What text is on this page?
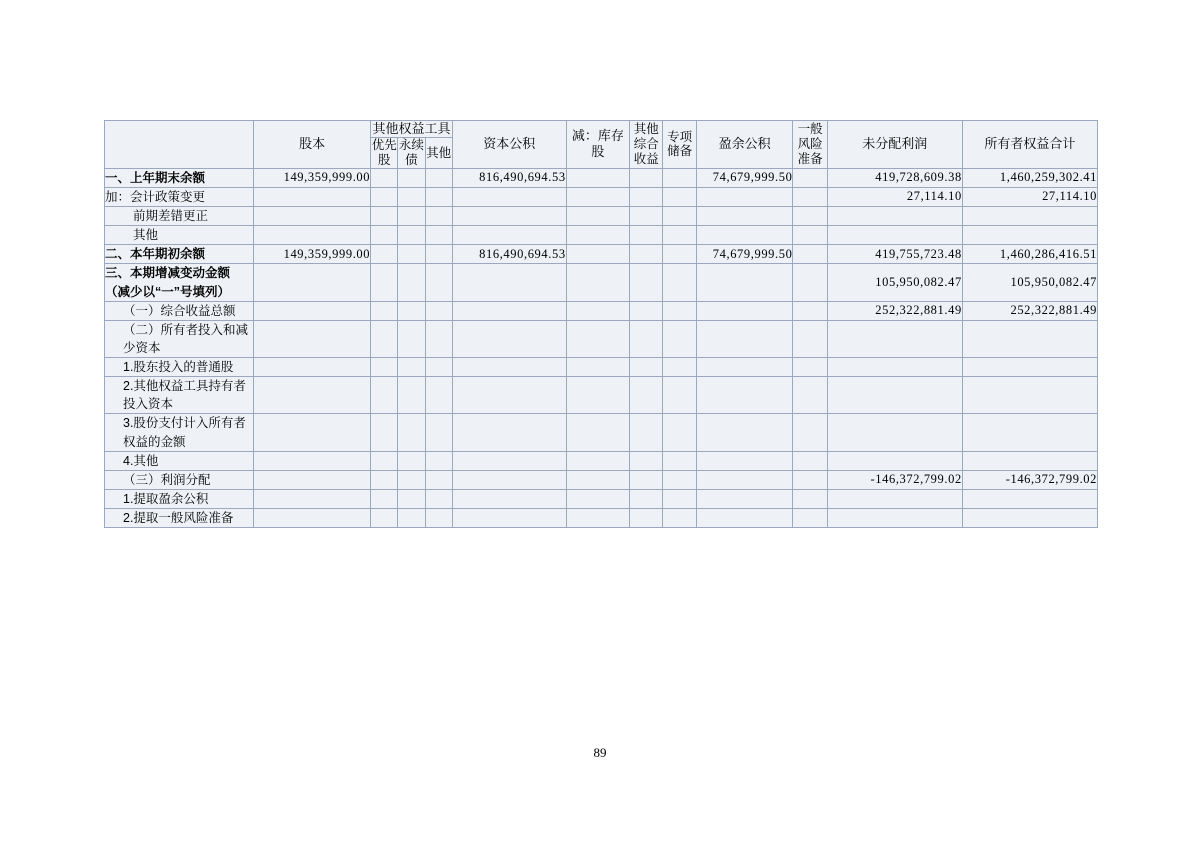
	股本	其他权益工具			资本公积	减：库存股	其他综合收益	专项储备	盈余公积	一般风险准备	未分配利润	所有者权益合计
		优先股	永续债	其他								
一、上年期末余额	149,359,999.00				816,490,694.53				74,679,999.50		419,728,609.38	1,460,259,302.41
加：会计政策变更											27,114.10	27,114.10
前期差错更正												
其他												
二、本年期初余额	149,359,999.00				816,490,694.53				74,679,999.50		419,755,723.48	1,460,286,416.51
三、本期增减变动金额（减少以“一”号填列）											105,950,082.47	105,950,082.47
（一）综合收益总额											252,322,881.49	252,322,881.49
（二）所有者投入和减少资本												
1.股东投入的普通股												
2.其他权益工具持有者投入资本												
3.股份支付计入所有者权益的金额												
4.其他												
（三）利润分配											-146,372,799.02	-146,372,799.02
1.提取盈余公积												
2.提取一般风险准备												
89
